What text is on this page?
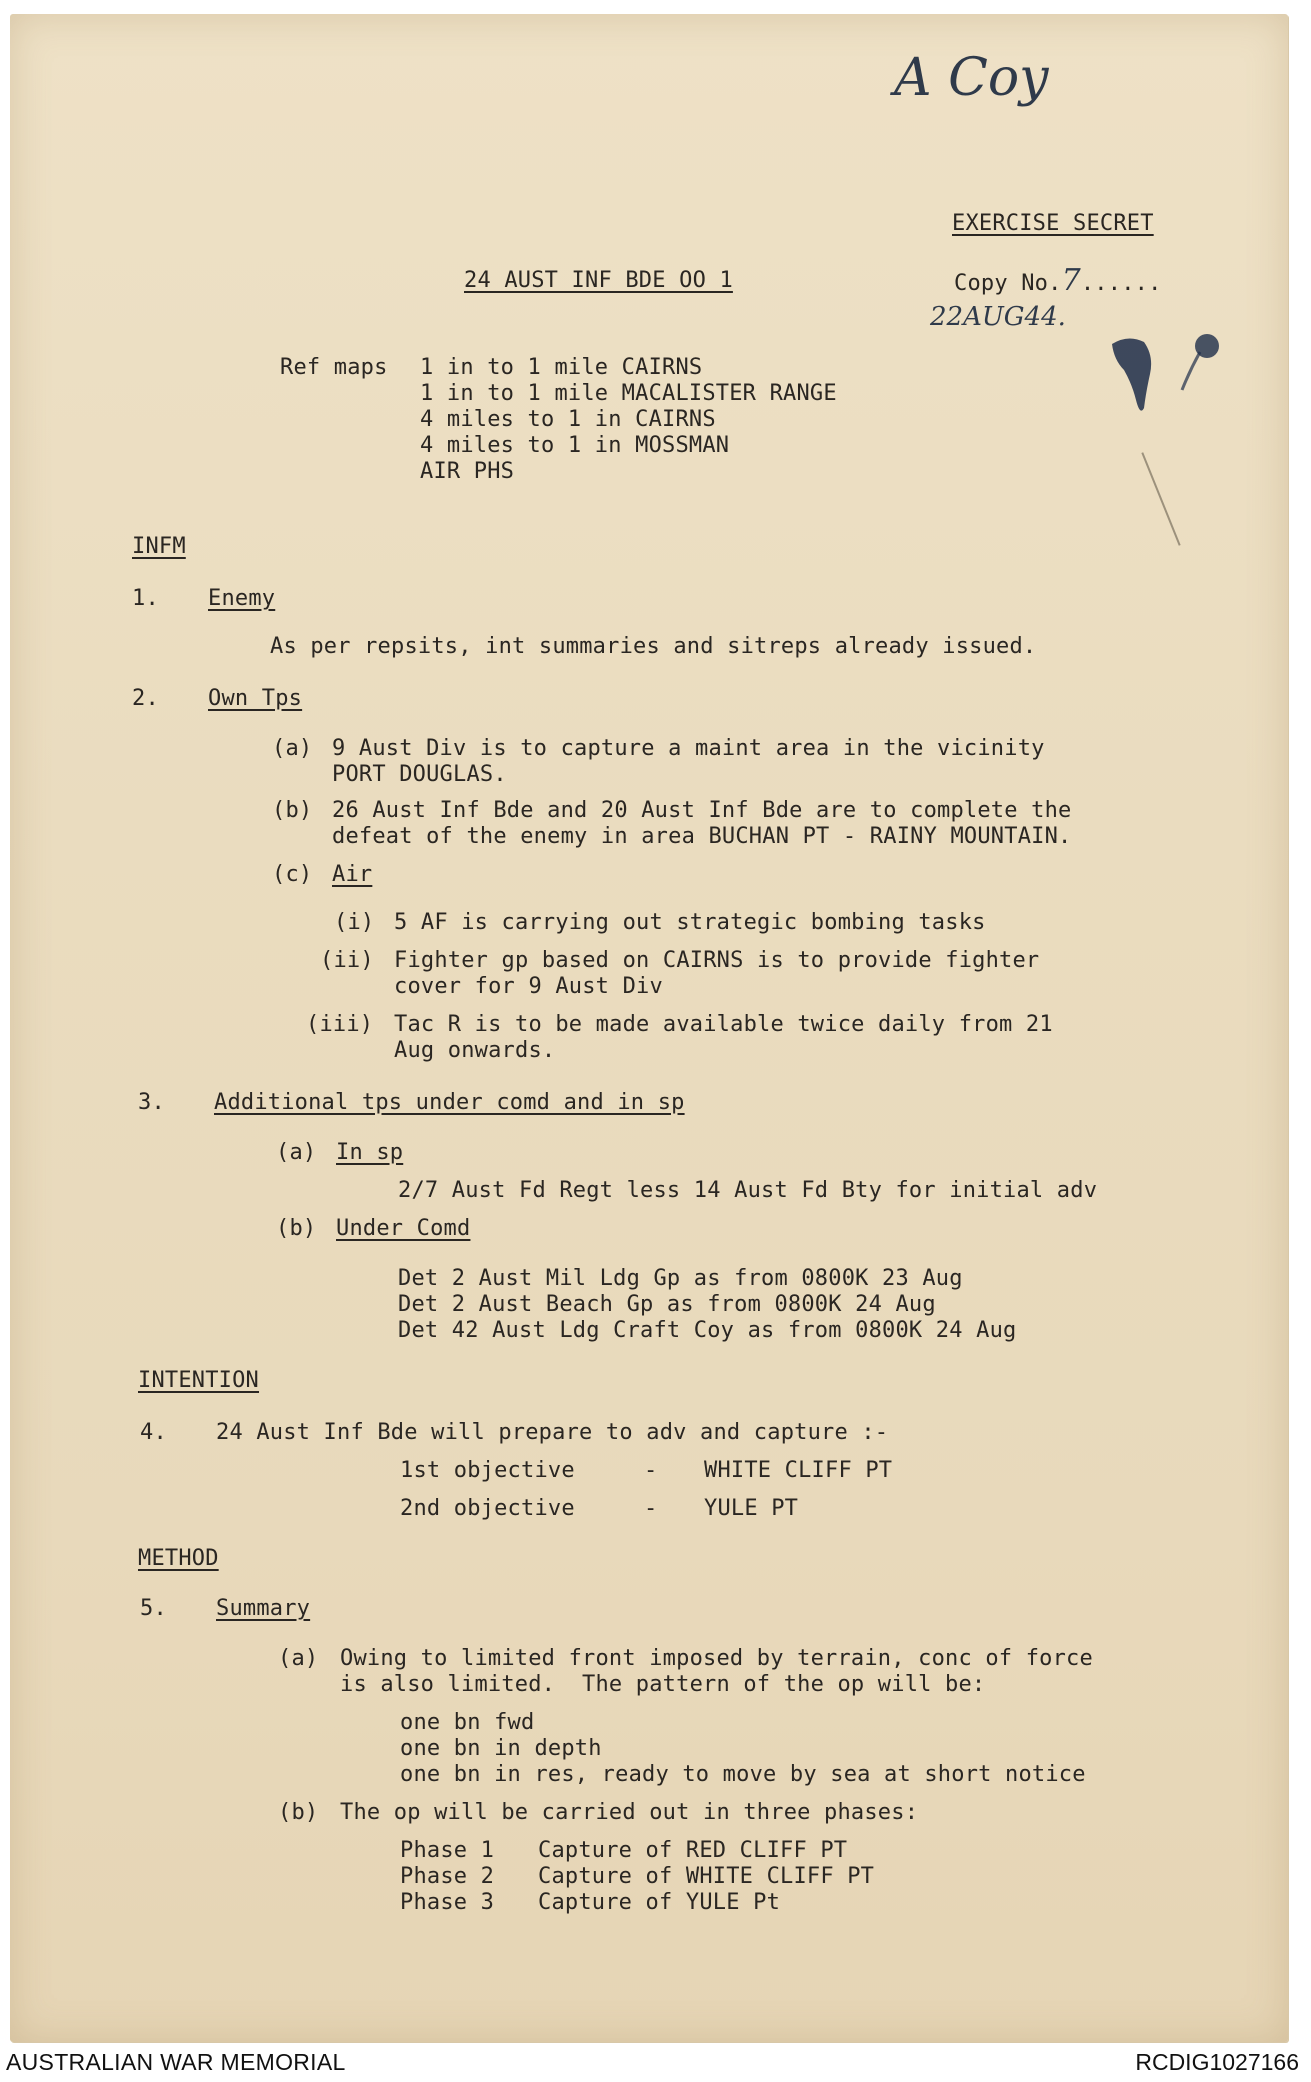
A Coy
EXERCISE SECRET
24 AUST INF BDE OO 1	Copy No.7......
22AUG44.
Ref maps 1 in to 1 mile CAIRNS
1 in to 1 mile MACALISTER RANGE
4 miles to 1 in CAIRNS
4 miles to 1 in MOSSMAN
AIR PHS
INFM
1. Enemy
As per repsits, int summaries and sitreps already issued.
2. Own Tps
(a) 9 Aust Div is to capture a maint area in the vicinity
PORT DOUGLAS.
(b) 26 Aust Inf Bde and 20 Aust Inf Bde are to complete the
defeat of the enemy in area BUCHAN PT - RAINY MOUNTAIN.
(c) Air
(i) 5 AF is carrying out strategic bombing tasks
(ii) Fighter gp based on CAIRNS is to provide fighter
cover for 9 Aust Div
(iii) Tac R is to be made available twice daily from 21
Aug onwards.
3. Additional tps under comd and in sp
(a) In sp
2/7 Aust Fd Regt less 14 Aust Fd Bty for initial adv
(b) Under Comd
Det 2 Aust Mil Ldg Gp as from 0800K 23 Aug
Det 2 Aust Beach Gp as from 0800K 24 Aug
Det 42 Aust Ldg Craft Coy as from 0800K 24 Aug
INTENTION
4. 24 Aust Inf Bde will prepare to adv and capture :-
1st objective	- WHITE CLIFF PT
2nd objective	- YULE PT
METHOD
5. Summary
(a) Owing to limited front imposed by terrain, conc of force
is also limited.  The pattern of the op will be:
one bn fwd
one bn in depth
one bn in res, ready to move by sea at short notice
(b) The op will be carried out in three phases:
Phase 1 Capture of RED CLIFF PT
Phase 2 Capture of WHITE CLIFF PT
Phase 3 Capture of YULE Pt
AUSTRALIAN WAR MEMORIAL	RCDIG1027166
